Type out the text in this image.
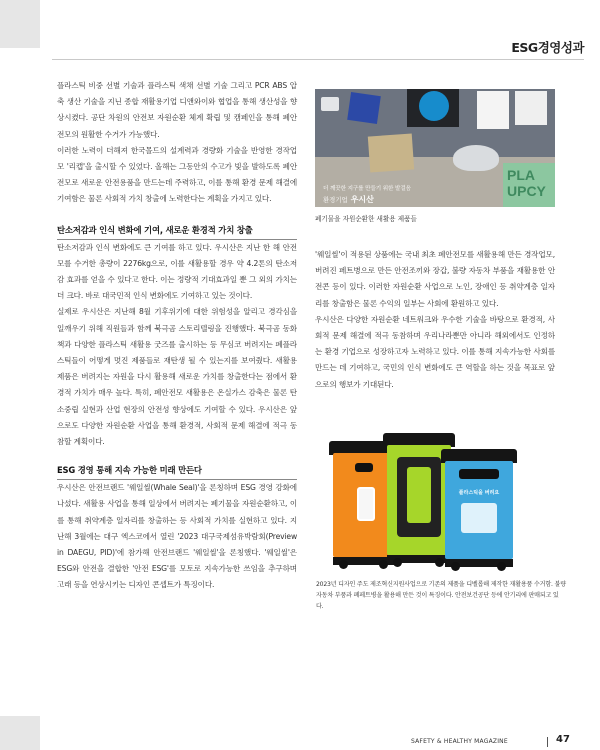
ESG경영성과

플라스틱 비중 선별 기술과 플라스틱 색채 선별 기술 그리고 PCR ABS 압축 생산 기술을 지닌 종합 재활용기업 디앤와이와 협업을 통해 생산성을 향상시켰다. 공단 차원의 안전보 자원순환 체계 확립 및 캠페인을 통해 폐안전모의 원활한 수거가 가능했다.

이러한 노력이 더해져 한국몰드의 설계력과 경량화 기술을 반영한 경작업모 '리캡'을 출시할 수 있었다. 올해는 그동안의 수고가 빛을 발하도록 폐안전모로 새로운 안전용품을 만드는데 주력하고, 이를 통해 환경 문제 해결에 기여함은 물론 사회적 가치 창출에 노력한다는 계획을 가지고 있다.

탄소저감과 인식 변화에 기여, 새로운 환경적 가치 창출

탄소저감과 인식 변화에도 큰 기여를 하고 있다. 우시산은 지난 한 해 안전모를 수거한 총량이 2276kg으로, 이를 새활용할 경우 약 4.2톤의 탄소저감 효과를 얻을 수 있다고 한다. 이는 정량적 기대효과일 뿐 그 외의 가치는 더 크다. 바로 대국민적 인식 변화에도 기여하고 있는 것이다.

실제로 우시산은 지난해 8월 기후위기에 대한 위험성을 알리고 경각심을 일깨우기 위해 직원들과 함께 북극곰 스토리텔링을 진행했다. 북극곰 동화책과 다양한 플라스틱 새활용 굿즈를 출시하는 등 무심코 버려지는 폐플라스틱들이 어떻게 멋진 제품들로 재탄생 될 수 있는지를 보여줬다. 새활용 제품은 버려지는 자원을 다시 활용해 새로운 가치를 창출한다는 점에서 환경적 가치가 매우 높다. 특히, 폐안전모 새활용은 온실가스 감축은 물론 탄소중립 실현과 산업 현장의 안전성 향상에도 기여할 수 있다. 우시산은 앞으로도 다양한 자원순환 사업을 통해 환경적, 사회적 문제 해결에 적극 동참할 계획이다.

ESG 경영 통해 지속 가능한 미래 만든다

우시산은 안전브랜드 '웨일씰(Whale Seal)'을 론칭하며 ESG 경영 강화에 나섰다. 새활용 사업을 통해 일상에서 버려지는 폐기물을 자원순환하고, 이를 통해 취약계층 일자리를 창출하는 등 사회적 가치를 실현하고 있다. 지난해 3월에는 대구 엑스코에서 열린 '2023 대구국제섬유박람회(Preview in DAEGU, PID)'에 참가해 안전브랜드 '웨일씰'을 론칭했다. '웨일씰'은 ESG와 안전을 결합한 '안전 ESG'를 모토로 지속가능한 쓰임을 추구하며 고래 등을 연상시키는 디자인 콘셉트가 특징이다.

PLA UPCY
더 깨끗한 지구를 만들기 위한 발걸음
환경기업 우시산
폐기물을 자원순환한 새활용 제품들

'웨일씰'이 적용된 상품에는 국내 최초 폐안전모를 새활용해 만든 경작업모, 버려진 페트병으로 만든 안전조끼와 장갑, 불량 자동차 부품을 재활용한 안전콘 등이 있다. 이러한 자원순환 사업으로 노인, 장애인 등 취약계층 일자리를 창출함은 물론 수익의 일부는 사회에 환원하고 있다.

우시산은 다양한 자원순환 네트워크와 우수한 기술을 바탕으로 환경적, 사회적 문제 해결에 적극 동참하며 우리나라뿐만 아니라 해외에서도 인정하는 환경 기업으로 성장하고자 노력하고 있다. 이를 통해 지속가능한 사회를 만드는 데 기여하고, 국민의 인식 변화에도 큰 역할을 하는 것을 목표로 앞으로의 행보가 기대된다.

플라스틱을 버려요

2023년 디자인 주도 제조혁신지원사업으로 기존의 제품을 디벨롭해 제작한 재활용품 수거함. 불량 자동차 부품과 폐페트병을 활용해 만든 것이 특징이다. 안전보건공단 등에 안기리에 판매되고 있다.

SAFETY & HEALTHY MAGAZINE	47
